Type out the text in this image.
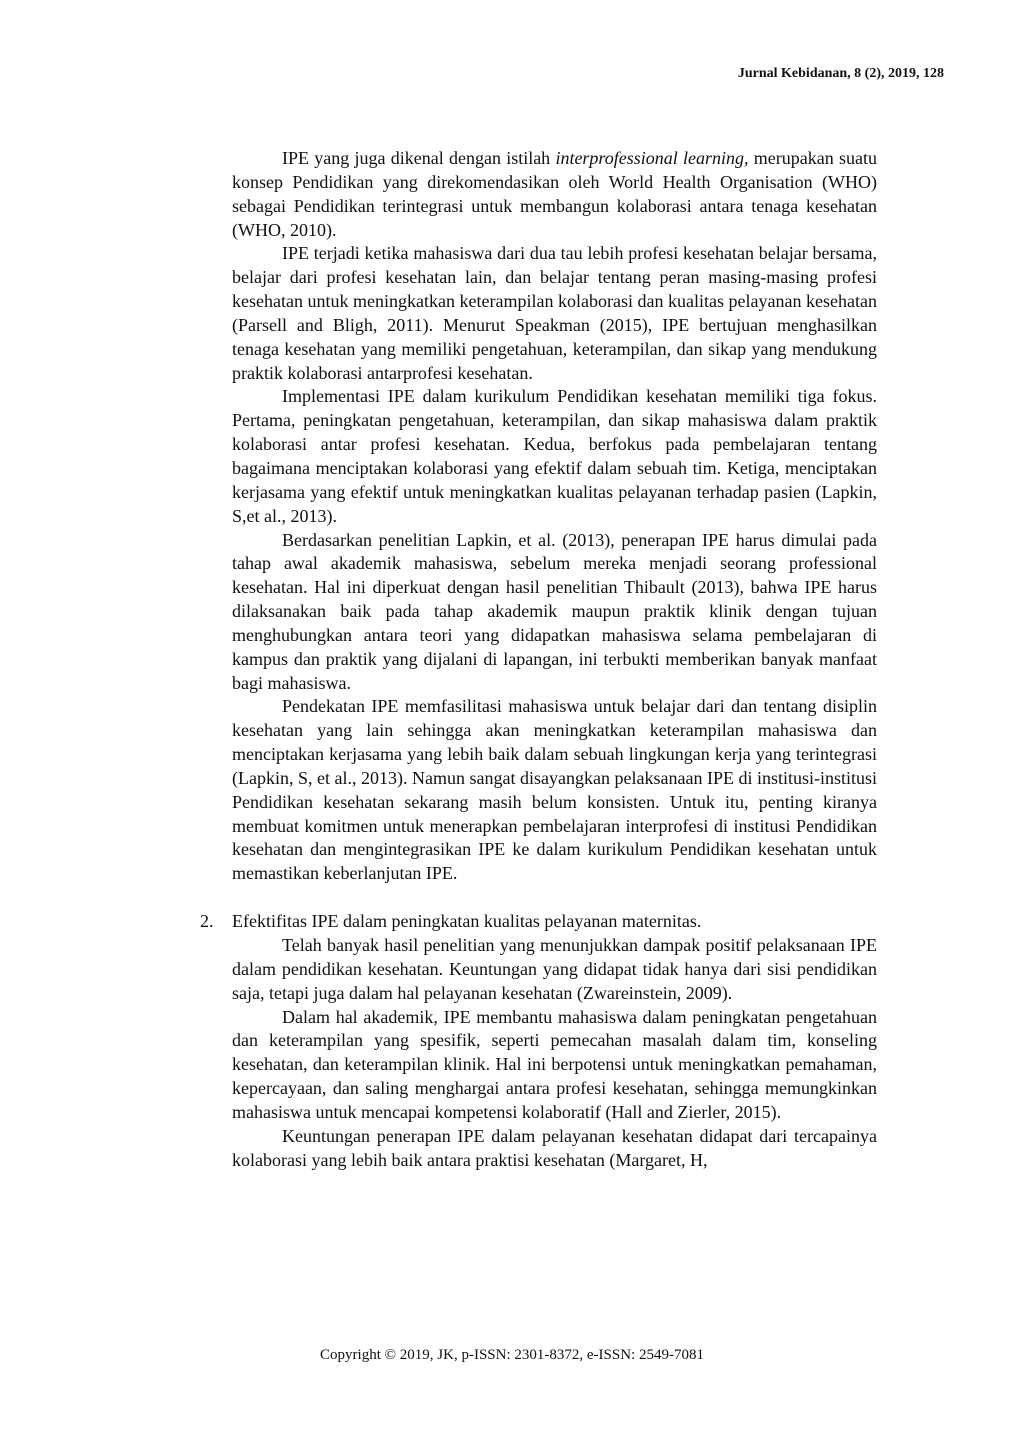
Jurnal Kebidanan, 8 (2), 2019, 128

IPE yang juga dikenal dengan istilah interprofessional learning, merupakan suatu konsep Pendidikan yang direkomendasikan oleh World Health Organisation (WHO) sebagai Pendidikan terintegrasi untuk membangun kolaborasi antara tenaga kesehatan (WHO, 2010).

IPE terjadi ketika mahasiswa dari dua tau lebih profesi kesehatan belajar bersama, belajar dari profesi kesehatan lain, dan belajar tentang peran masing-masing profesi kesehatan untuk meningkatkan keterampilan kolaborasi dan kualitas pelayanan kesehatan (Parsell and Bligh, 2011). Menurut Speakman (2015), IPE bertujuan menghasilkan tenaga kesehatan yang memiliki pengetahuan, keterampilan, dan sikap yang mendukung praktik kolaborasi antarprofesi kesehatan.

Implementasi IPE dalam kurikulum Pendidikan kesehatan memiliki tiga fokus. Pertama, peningkatan pengetahuan, keterampilan, dan sikap mahasiswa dalam praktik kolaborasi antar profesi kesehatan. Kedua, berfokus pada pembelajaran tentang bagaimana menciptakan kolaborasi yang efektif dalam sebuah tim. Ketiga, menciptakan kerjasama yang efektif untuk meningkatkan kualitas pelayanan terhadap pasien (Lapkin, S,et al., 2013).

Berdasarkan penelitian Lapkin, et al. (2013), penerapan IPE harus dimulai pada tahap awal akademik mahasiswa, sebelum mereka menjadi seorang professional kesehatan. Hal ini diperkuat dengan hasil penelitian Thibault (2013), bahwa IPE harus dilaksanakan baik pada tahap akademik maupun praktik klinik dengan tujuan menghubungkan antara teori yang didapatkan mahasiswa selama pembelajaran di kampus dan praktik yang dijalani di lapangan, ini terbukti memberikan banyak manfaat bagi mahasiswa.

Pendekatan IPE memfasilitasi mahasiswa untuk belajar dari dan tentang disiplin kesehatan yang lain sehingga akan meningkatkan keterampilan mahasiswa dan menciptakan kerjasama yang lebih baik dalam sebuah lingkungan kerja yang terintegrasi (Lapkin, S, et al., 2013). Namun sangat disayangkan pelaksanaan IPE di institusi-institusi Pendidikan kesehatan sekarang masih belum konsisten. Untuk itu, penting kiranya membuat komitmen untuk menerapkan pembelajaran interprofesi di institusi Pendidikan kesehatan dan mengintegrasikan IPE ke dalam kurikulum Pendidikan kesehatan untuk memastikan keberlanjutan IPE.

2. Efektifitas IPE dalam peningkatan kualitas pelayanan maternitas.

Telah banyak hasil penelitian yang menunjukkan dampak positif pelaksanaan IPE dalam pendidikan kesehatan. Keuntungan yang didapat tidak hanya dari sisi pendidikan saja, tetapi juga dalam hal pelayanan kesehatan (Zwareinstein, 2009).

Dalam hal akademik, IPE membantu mahasiswa dalam peningkatan pengetahuan dan keterampilan yang spesifik, seperti pemecahan masalah dalam tim, konseling kesehatan, dan keterampilan klinik. Hal ini berpotensi untuk meningkatkan pemahaman, kepercayaan, dan saling menghargai antara profesi kesehatan, sehingga memungkinkan mahasiswa untuk mencapai kompetensi kolaboratif (Hall and Zierler, 2015).

Keuntungan penerapan IPE dalam pelayanan kesehatan didapat dari tercapainya kolaborasi yang lebih baik antara praktisi kesehatan (Margaret, H,

Copyright © 2019, JK, p-ISSN: 2301-8372, e-ISSN: 2549-7081
